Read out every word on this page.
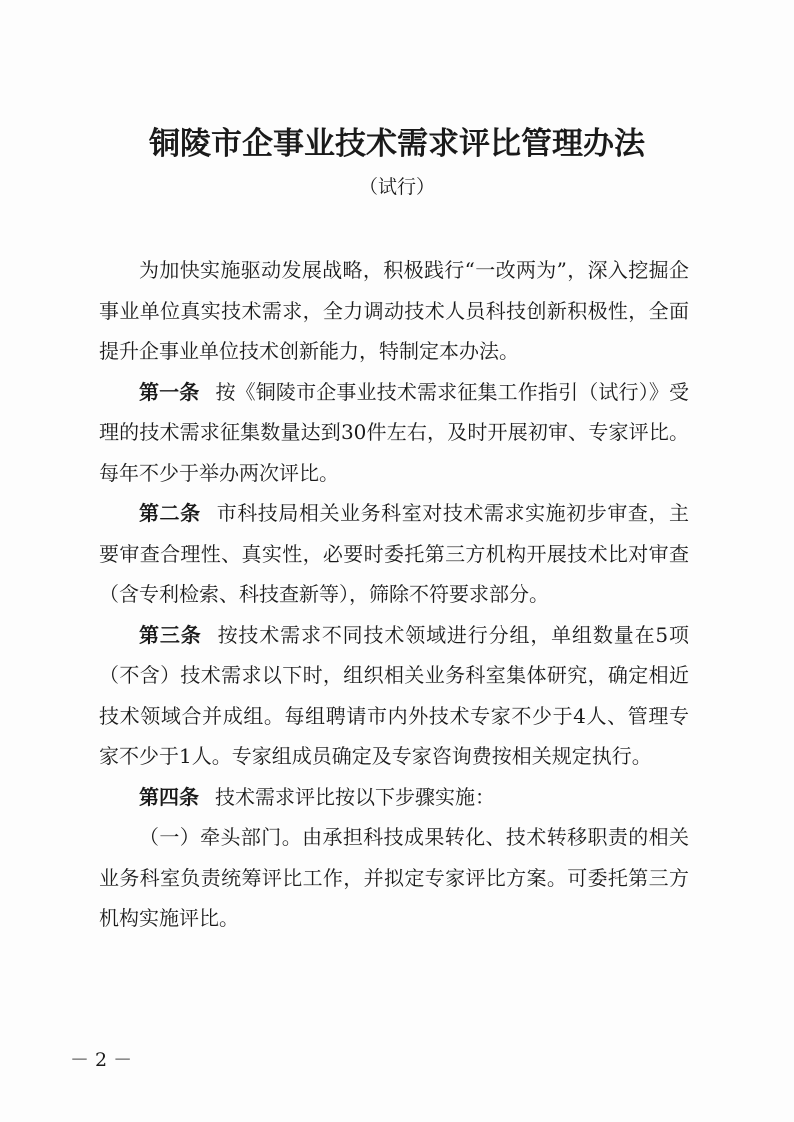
铜陵市企事业技术需求评比管理办法
（试行）

为加快实施驱动发展战略，积极践行“一改两为”，深入挖掘企事业单位真实技术需求，全力调动技术人员科技创新积极性，全面提升企事业单位技术创新能力，特制定本办法。

第一条 按《铜陵市企事业技术需求征集工作指引（试行）》受理的技术需求征集数量达到30件左右，及时开展初审、专家评比。每年不少于举办两次评比。

第二条 市科技局相关业务科室对技术需求实施初步审查，主要审查合理性、真实性，必要时委托第三方机构开展技术比对审查（含专利检索、科技查新等），筛除不符要求部分。

第三条 按技术需求不同技术领域进行分组，单组数量在5项（不含）技术需求以下时，组织相关业务科室集体研究，确定相近技术领域合并成组。每组聘请市内外技术专家不少于4人、管理专家不少于1人。专家组成员确定及专家咨询费按相关规定执行。

第四条 技术需求评比按以下步骤实施：

（一）牵头部门。由承担科技成果转化、技术转移职责的相关业务科室负责统筹评比工作，并拟定专家评比方案。可委托第三方机构实施评比。

－ 2 －
